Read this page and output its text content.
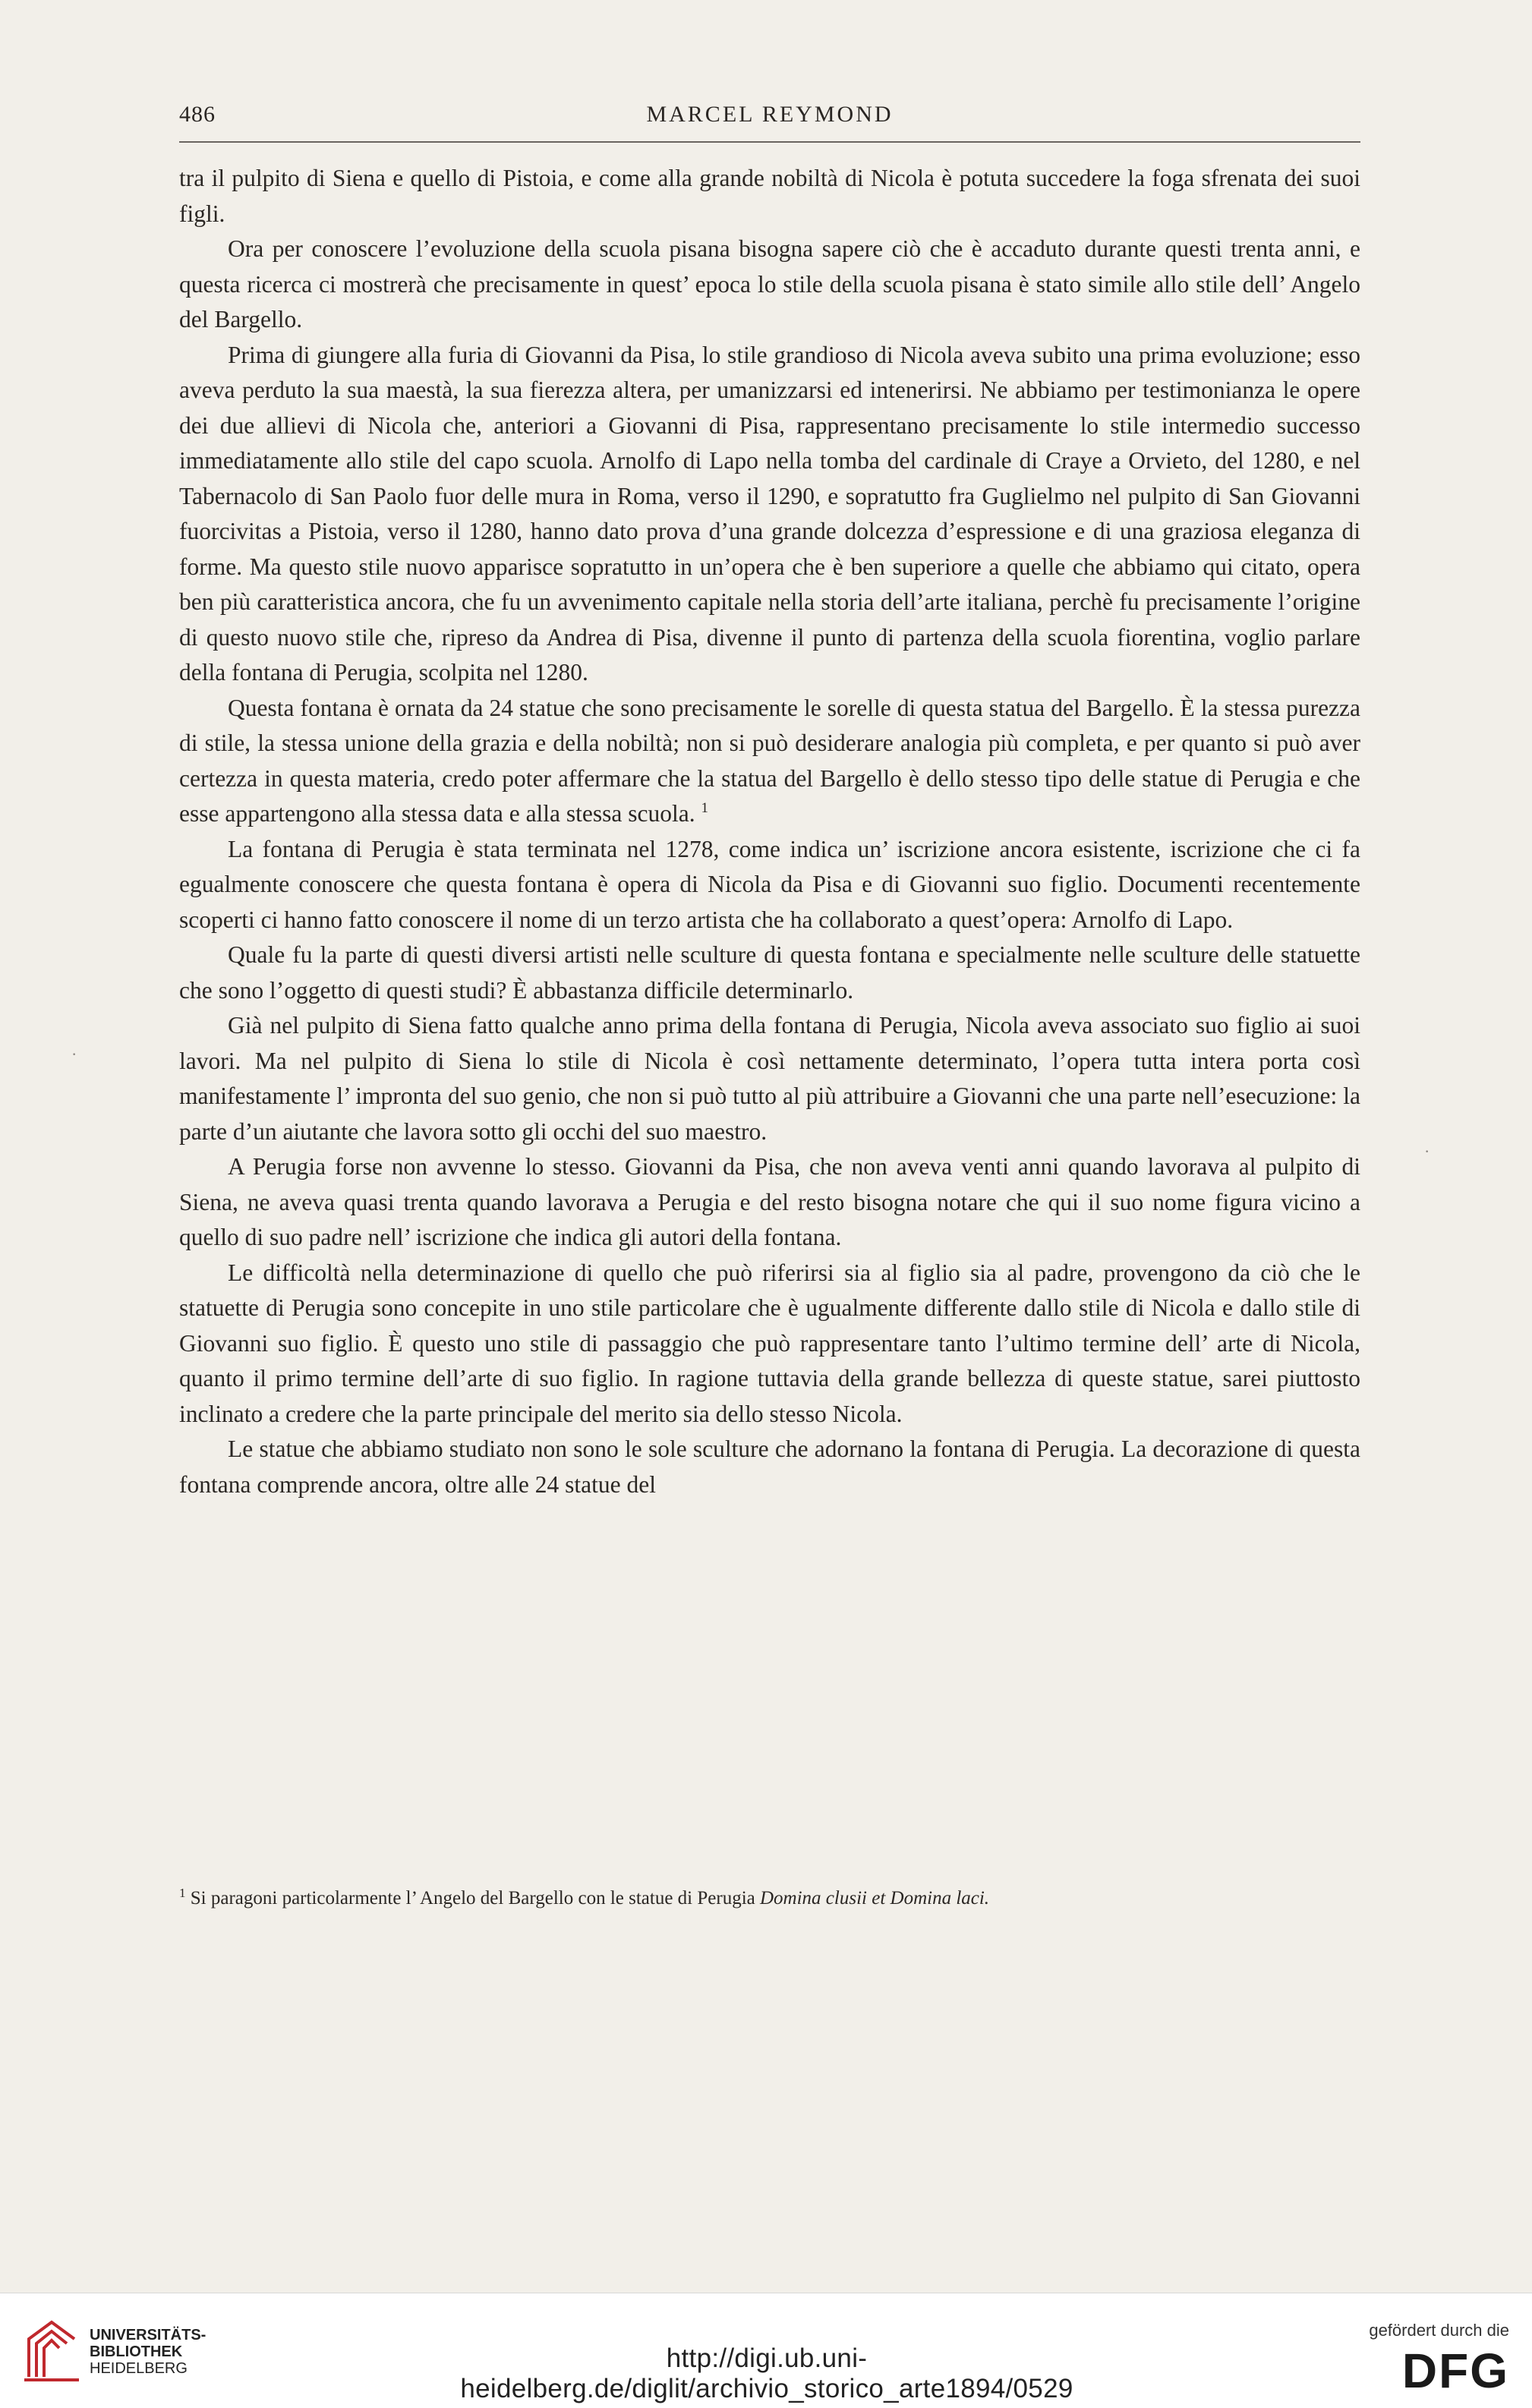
486	MARCEL REYMOND

tra il pulpito di Siena e quello di Pistoia, e come alla grande nobiltà di Nicola è potuta succedere la foga sfrenata dei suoi figli.

Ora per conoscere l’evoluzione della scuola pisana bisogna sapere ciò che è accaduto durante questi trenta anni, e questa ricerca ci mostrerà che precisamente in quest’ epoca lo stile della scuola pisana è stato simile allo stile dell’ Angelo del Bargello.

Prima di giungere alla furia di Giovanni da Pisa, lo stile grandioso di Nicola aveva subito una prima evoluzione; esso aveva perduto la sua maestà, la sua fierezza altera, per umanizzarsi ed intenerirsi. Ne abbiamo per testimonianza le opere dei due allievi di Nicola che, anteriori a Giovanni di Pisa, rappresentano precisamente lo stile intermedio successo immediatamente allo stile del capo scuola. Arnolfo di Lapo nella tomba del cardinale di Craye a Orvieto, del 1280, e nel Tabernacolo di San Paolo fuor delle mura in Roma, verso il 1290, e sopratutto fra Guglielmo nel pulpito di San Giovanni fuorcivitas a Pistoia, verso il 1280, hanno dato prova d’una grande dolcezza d’espressione e di una graziosa eleganza di forme. Ma questo stile nuovo apparisce sopratutto in un’opera che è ben superiore a quelle che abbiamo qui citato, opera ben più caratteristica ancora, che fu un avvenimento capitale nella storia dell’arte italiana, perchè fu precisamente l’origine di questo nuovo stile che, ripreso da Andrea di Pisa, divenne il punto di partenza della scuola fiorentina, voglio parlare della fontana di Perugia, scolpita nel 1280.

Questa fontana è ornata da 24 statue che sono precisamente le sorelle di questa statua del Bargello. È la stessa purezza di stile, la stessa unione della grazia e della nobiltà; non si può desiderare analogia più completa, e per quanto si può aver certezza in questa materia, credo poter affermare che la statua del Bargello è dello stesso tipo delle statue di Perugia e che esse appartengono alla stessa data e alla stessa scuola. $^1$

La fontana di Perugia è stata terminata nel 1278, come indica un’ iscrizione ancora esistente, iscrizione che ci fa egualmente conoscere che questa fontana è opera di Nicola da Pisa e di Giovanni suo figlio. Documenti recentemente scoperti ci hanno fatto conoscere il nome di un terzo artista che ha collaborato a quest’opera: Arnolfo di Lapo.

Quale fu la parte di questi diversi artisti nelle sculture di questa fontana e specialmente nelle sculture delle statuette che sono l’oggetto di questi studi? È abbastanza difficile determinarlo.

Già nel pulpito di Siena fatto qualche anno prima della fontana di Perugia, Nicola aveva associato suo figlio ai suoi lavori. Ma nel pulpito di Siena lo stile di Nicola è così nettamente determinato, l’opera tutta intera porta così manifestamente l’ impronta del suo genio, che non si può tutto al più attribuire a Giovanni che una parte nell’esecuzione: la parte d’un aiutante che lavora sotto gli occhi del suo maestro.

A Perugia forse non avvenne lo stesso. Giovanni da Pisa, che non aveva venti anni quando lavorava al pulpito di Siena, ne aveva quasi trenta quando lavorava a Perugia e del resto bisogna notare che qui il suo nome figura vicino a quello di suo padre nell’ iscrizione che indica gli autori della fontana.

Le difficoltà nella determinazione di quello che può riferirsi sia al figlio sia al padre, provengono da ciò che le statuette di Perugia sono concepite in uno stile particolare che è ugualmente differente dallo stile di Nicola e dallo stile di Giovanni suo figlio. È questo uno stile di passaggio che può rappresentare tanto l’ultimo termine dell’ arte di Nicola, quanto il primo termine dell’arte di suo figlio. In ragione tuttavia della grande bellezza di queste statue, sarei piuttosto inclinato a credere che la parte principale del merito sia dello stesso Nicola.

Le statue che abbiamo studiato non sono le sole sculture che adornano la fontana di Perugia. La decorazione di questa fontana comprende ancora, oltre alle 24 statue del

$^1$ Si paragoni particolarmente l’ Angelo del Bargello con le statue di Perugia Domina clusii et Domina laci.
·
·
UNIVERSITÄTS-
BIBLIOTHEK
HEIDELBERG	http://digi.ub.uni-heidelberg.de/diglit/archivio_storico_arte1894/0529
gefördert durch die
DFG
